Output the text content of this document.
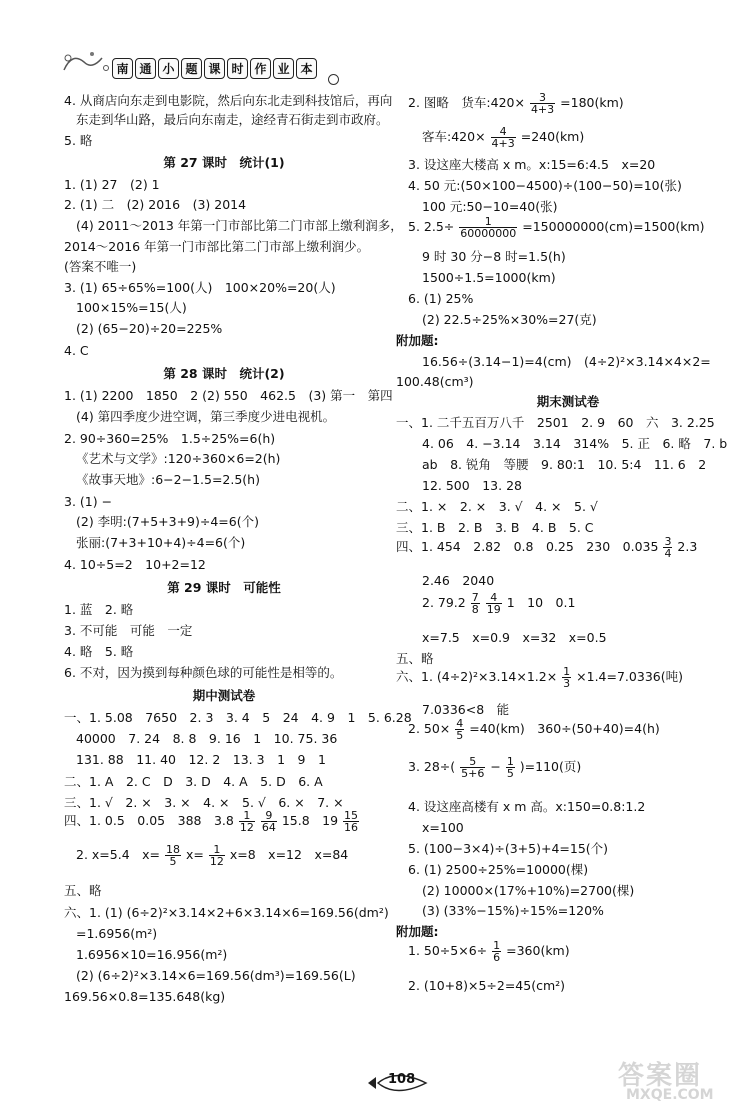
南 通 小 题 课 时 作 业 本
4. 从商店向东走到电影院，然后向东北走到科技馆后，再向
东走到华山路，最后向东南走，途经青石街走到市政府。
5. 略
第 27 课时　统计(1)
1. (1) 27　(2) 1
2. (1) 二　(2) 2016　(3) 2014
(4) 2011～2013 年第一门市部比第二门市部上缴利润多，
2014～2016 年第一门市部比第二门市部上缴利润少。
(答案不唯一)
3. (1) 65÷65%=100(人)　100×20%=20(人)
100×15%=15(人)
(2) (65−20)÷20=225%
4. C
第 28 课时　统计(2)
1. (1) 2200　1850　2 (2) 550　462.5　(3) 第一　第四
(4) 第四季度少进空调，第三季度少进电视机。
2. 90÷360=25%　1.5÷25%=6(h)
《艺术与文学》:120÷360×6=2(h)
《故事天地》:6−2−1.5=2.5(h)
3. (1) −
(2) 李明:(7+5+3+9)÷4=6(个)
张丽:(7+3+10+4)÷4=6(个)
4. 10÷5=2　10+2=12
第 29 课时　可能性
1. 蓝　2. 略
3. 不可能　可能　一定
4. 略　5. 略
6. 不对，因为摸到每种颜色球的可能性是相等的。
期中测试卷
一、1. 5.08　7650　2. 3　3. 4　5　24　4. 9　1　5. 6.28
40000　7. 24　8. 8　9. 16　1　10. 75. 36
131. 88　11. 40　12. 2　13. 3　1　9　1
二、1. A　2. C　D　3. D　4. A　5. D　6. A
三、1. √　2. ×　3. ×　4. ×　5. √　6. ×　7. ×
四、1. 0.5　0.05　388　$3.8 \frac{1}{12}$
$\frac{9}{64} 15.8$　$19 \frac{15}{16}$
2. x=5.4　$x= \frac{18}{5} x= \frac{1}{12} x=8$　x=12　x=84
五、略
六、1. (1) (6÷2)²×3.14×2+6×3.14×6=169.56(dm²)
=1.6956(m²)
1.6956×10=16.956(m²)
(2) (6÷2)²×3.14×6=169.56(dm³)=169.56(L)
169.56×0.8=135.648(kg)
2. 图略　货车:420× $\frac{3}{4+3} =180(km)$
客车:420× $\frac{4}{4+3} =240(km)$
3. 设这座大楼高 x m。x:15=6:4.5　x=20
4. 50 元:(50×100−4500)÷(100−50)=10(张)
100 元:50−10=40(张)
5. $2.5\div \frac{1}{60000000} =150000000(cm)=1500(km)$
9 时 30 分−8 时=1.5(h)
1500÷1.5=1000(km)
6. (1) 25%
(2) 22.5÷25%×30%=27(克)
附加题:
16.56÷(3.14−1)=4(cm)　(4÷2)²×3.14×4×2=
100.48(cm³)
期末测试卷
一、1. 二千五百万八千　2501　2. 9　60　六　3. 2.25
4. 06　4. −3.14　3.14　314%　5. 正　6. 略　7. b
ab　8. 锐角　等腰　9. 80:1　10. 5:4　11. 6　2
12. 500　13. 28
二、1. ×　2. ×　3. √　4. ×　5. √
三、1. B　2. B　3. B　4. B　5. C
四、1. 454　2.82　0.8　0.25　230　$0.035 \frac{3}{4} 2.3$
2.46　2040
2. $79.2 \frac{7}{8}$
$\frac{4}{19} 1$　10　0.1
x=7.5　x=0.9　x=32　x=0.5
五、略
六、1. $(4\div 2)^2\times 3.14\times 1.2\times \frac{1}{3} \times 1.4=7.0336$(吨)
7.0336<8　能
2. $50\times \frac{4}{5} =40(km)$　360÷(50+40)=4(h)
3. $28\div( \frac{5}{5+6} - \frac{1}{5} )=110$(页)
4. 设这座高楼有 x m 高。x:150=0.8:1.2
x=100
5. (100−3×4)÷(3+5)+4=15(个)
6. (1) 2500÷25%=10000(棵)
(2) 10000×(17%+10%)=2700(棵)
(3) (33%−15%)÷15%=120%
附加题:
1. $50\div 5\times 6\div \frac{1}{6} =360(km)$
2. (10+8)×5÷2=45(cm²)
108	答案圈
MXQE.COM
